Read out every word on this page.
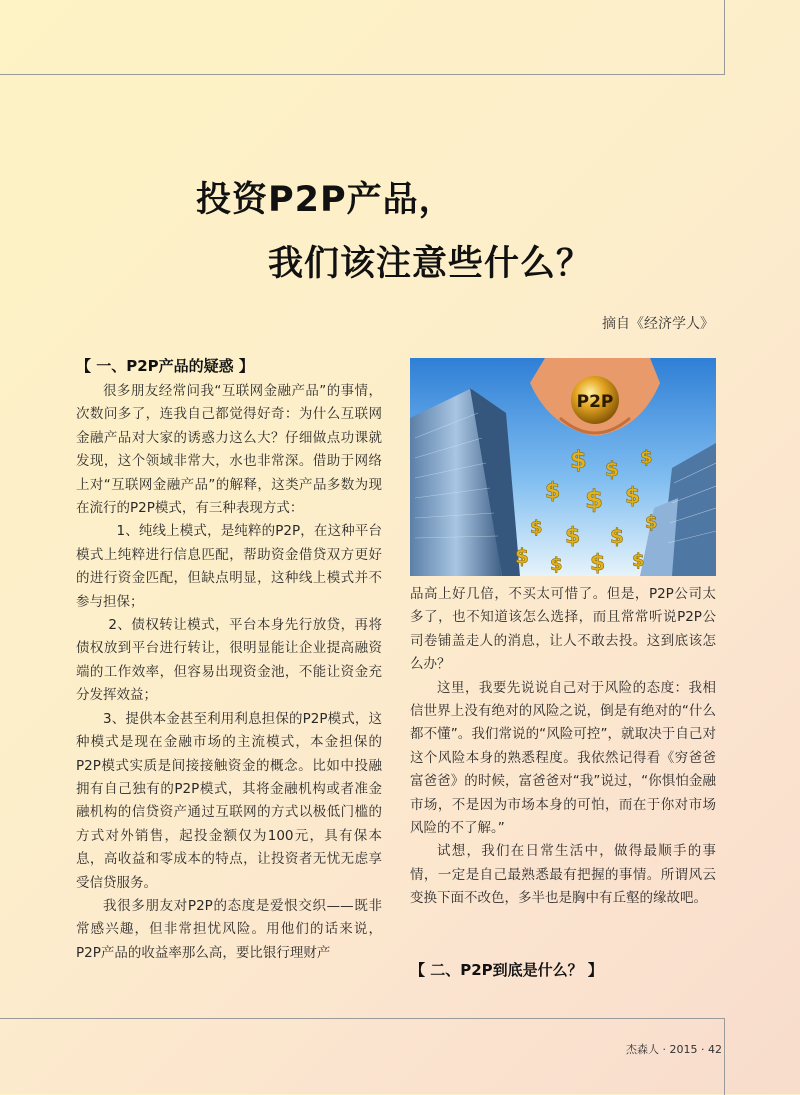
投资P2P产品，
我们该注意些什么？
摘自《经济学人》
【 一、P2P产品的疑惑 】

很多朋友经常问我“互联网金融产品”的事情，次数问多了，连我自己都觉得好奇：为什么互联网金融产品对大家的诱惑力这么大？仔细做点功课就发现，这个领域非常大，水也非常深。借助于网络上对“互联网金融产品”的解释，这类产品多数为现在流行的P2P模式，有三种表现方式：

1、纯线上模式，是纯粹的P2P，在这种平台模式上纯粹进行信息匹配，帮助资金借贷双方更好的进行资金匹配，但缺点明显，这种线上模式并不参与担保；

2、债权转让模式，平台本身先行放贷，再将债权放到平台进行转让，很明显能让企业提高融资端的工作效率，但容易出现资金池，不能让资金充分发挥效益；

3、提供本金甚至利用利息担保的P2P模式，这种模式是现在金融市场的主流模式，本金担保的P2P模式实质是间接接触资金的概念。比如中投融拥有自己独有的P2P模式，其将金融机构或者准金融机构的信贷资产通过互联网的方式以极低门槛的方式对外销售，起投金额仅为100元，具有保本息，高收益和零成本的特点，让投资者无忧无虑享受信贷服务。

我很多朋友对P2P的态度是爱恨交织——既非常感兴趣，但非常担忧风险。用他们的话来说，P2P产品的收益率那么高，要比银行理财产

P2P
$ $ $
$ $ $
$ $ $
$
$ $ $ $

品高上好几倍，不买太可惜了。但是，P2P公司太多了，也不知道该怎么选择，而且常常听说P2P公司卷铺盖走人的消息，让人不敢去投。这到底该怎么办？

这里，我要先说说自己对于风险的态度：我相信世界上没有绝对的风险之说，倒是有绝对的“什么都不懂”。我们常说的“风险可控”，就取决于自己对这个风险本身的熟悉程度。我依然记得看《穷爸爸富爸爸》的时候，富爸爸对“我”说过，“你惧怕金融市场，不是因为市场本身的可怕，而在于你对市场风险的不了解。”

试想，我们在日常生活中，做得最顺手的事情，一定是自己最熟悉最有把握的事情。所谓风云变换下面不改色，多半也是胸中有丘壑的缘故吧。

【 二、P2P到底是什么？ 】
杰森人 · 2015 · 42
